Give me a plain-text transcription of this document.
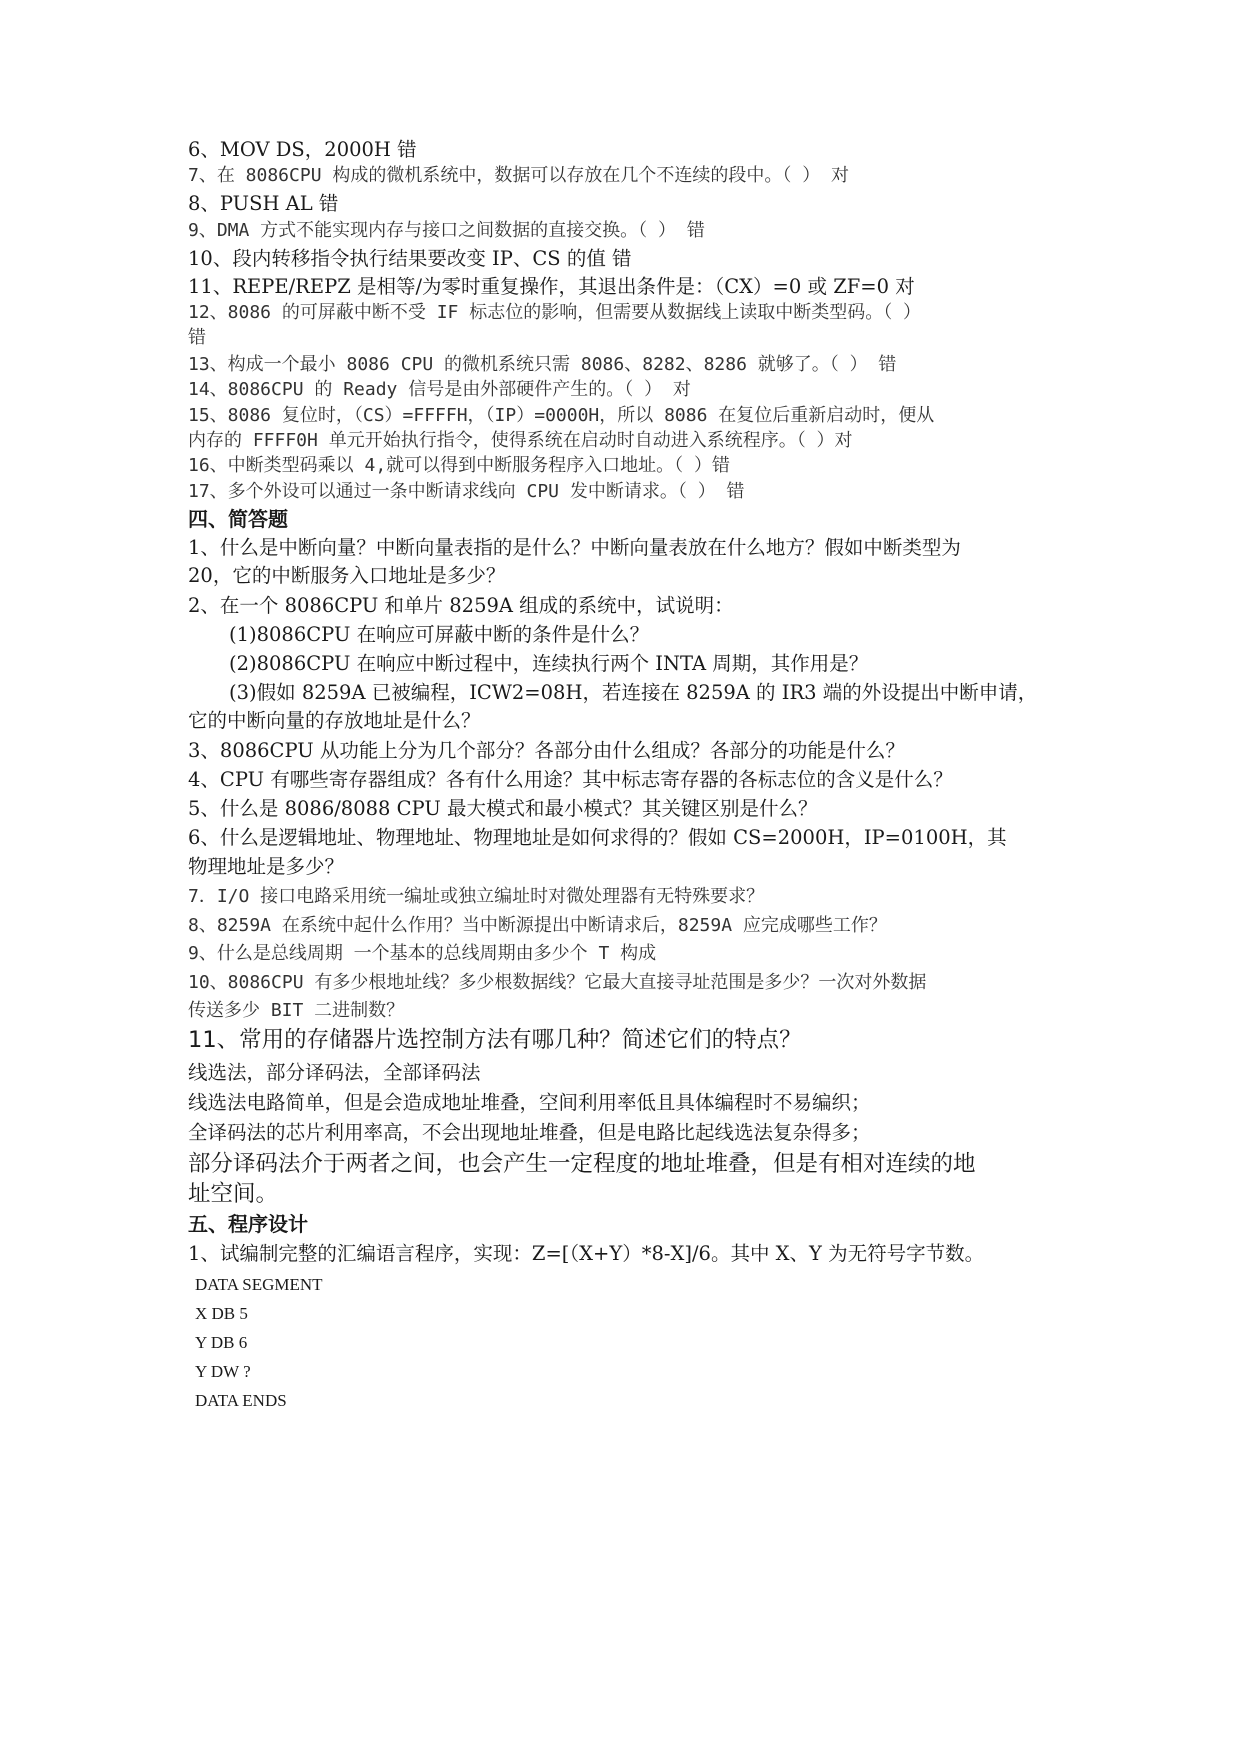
6、MOV DS，2000H 错
7、在 8086CPU 构成的微机系统中，数据可以存放在几个不连续的段中。（ ） 对
8、PUSH AL 错
9、DMA 方式不能实现内存与接口之间数据的直接交换。（ ） 错
10、段内转移指令执行结果要改变 IP、CS 的值 错
11、REPE/REPZ 是相等/为零时重复操作，其退出条件是：（CX）=0 或 ZF=0 对
12、8086 的可屏蔽中断不受 IF 标志位的影响，但需要从数据线上读取中断类型码。（ ）
错
13、构成一个最小 8086 CPU 的微机系统只需 8086、8282、8286 就够了。（ ） 错
14、8086CPU 的 Ready 信号是由外部硬件产生的。（ ） 对
15、8086 复位时，（CS）=FFFFH，（IP）=0000H，所以 8086 在复位后重新启动时，便从
内存的 FFFF0H 单元开始执行指令，使得系统在启动时自动进入系统程序。（ ）对
16、中断类型码乘以 4,就可以得到中断服务程序入口地址。（ ）错
17、多个外设可以通过一条中断请求线向 CPU 发中断请求。（ ） 错
四、简答题
1、什么是中断向量？中断向量表指的是什么？中断向量表放在什么地方？假如中断类型为
20，它的中断服务入口地址是多少？
2、在一个 8086CPU 和单片 8259A 组成的系统中，试说明：
(1)8086CPU 在响应可屏蔽中断的条件是什么？
(2)8086CPU 在响应中断过程中，连续执行两个 INTA 周期，其作用是？
(3)假如 8259A 已被编程，ICW2=08H，若连接在 8259A 的 IR3 端的外设提出中断申请，
它的中断向量的存放地址是什么？
3、8086CPU 从功能上分为几个部分？各部分由什么组成？各部分的功能是什么？
4、CPU 有哪些寄存器组成？各有什么用途？其中标志寄存器的各标志位的含义是什么？
5、什么是 8086/8088 CPU 最大模式和最小模式？其关键区别是什么？
6、什么是逻辑地址、物理地址、物理地址是如何求得的？假如 CS=2000H，IP=0100H，其
物理地址是多少？
7．I/O 接口电路采用统一编址或独立编址时对微处理器有无特殊要求？
8、8259A 在系统中起什么作用？当中断源提出中断请求后，8259A 应完成哪些工作？
9、什么是总线周期 一个基本的总线周期由多少个 T 构成
10、8086CPU 有多少根地址线？多少根数据线？它最大直接寻址范围是多少？一次对外数据
传送多少 BIT 二进制数？
11、常用的存储器片选控制方法有哪几种？简述它们的特点？
线选法，部分译码法，全部译码法
线选法电路简单，但是会造成地址堆叠，空间利用率低且具体编程时不易编织；
全译码法的芯片利用率高，不会出现地址堆叠，但是电路比起线选法复杂得多；
部分译码法介于两者之间，也会产生一定程度的地址堆叠，但是有相对连续的地
址空间。
五、程序设计
1、试编制完整的汇编语言程序，实现：Z=[（X+Y）*8-X]/6。其中 X、Y 为无符号字节数。
DATA SEGMENT
X DB 5
Y DB 6
Y DW ?
DATA ENDS
